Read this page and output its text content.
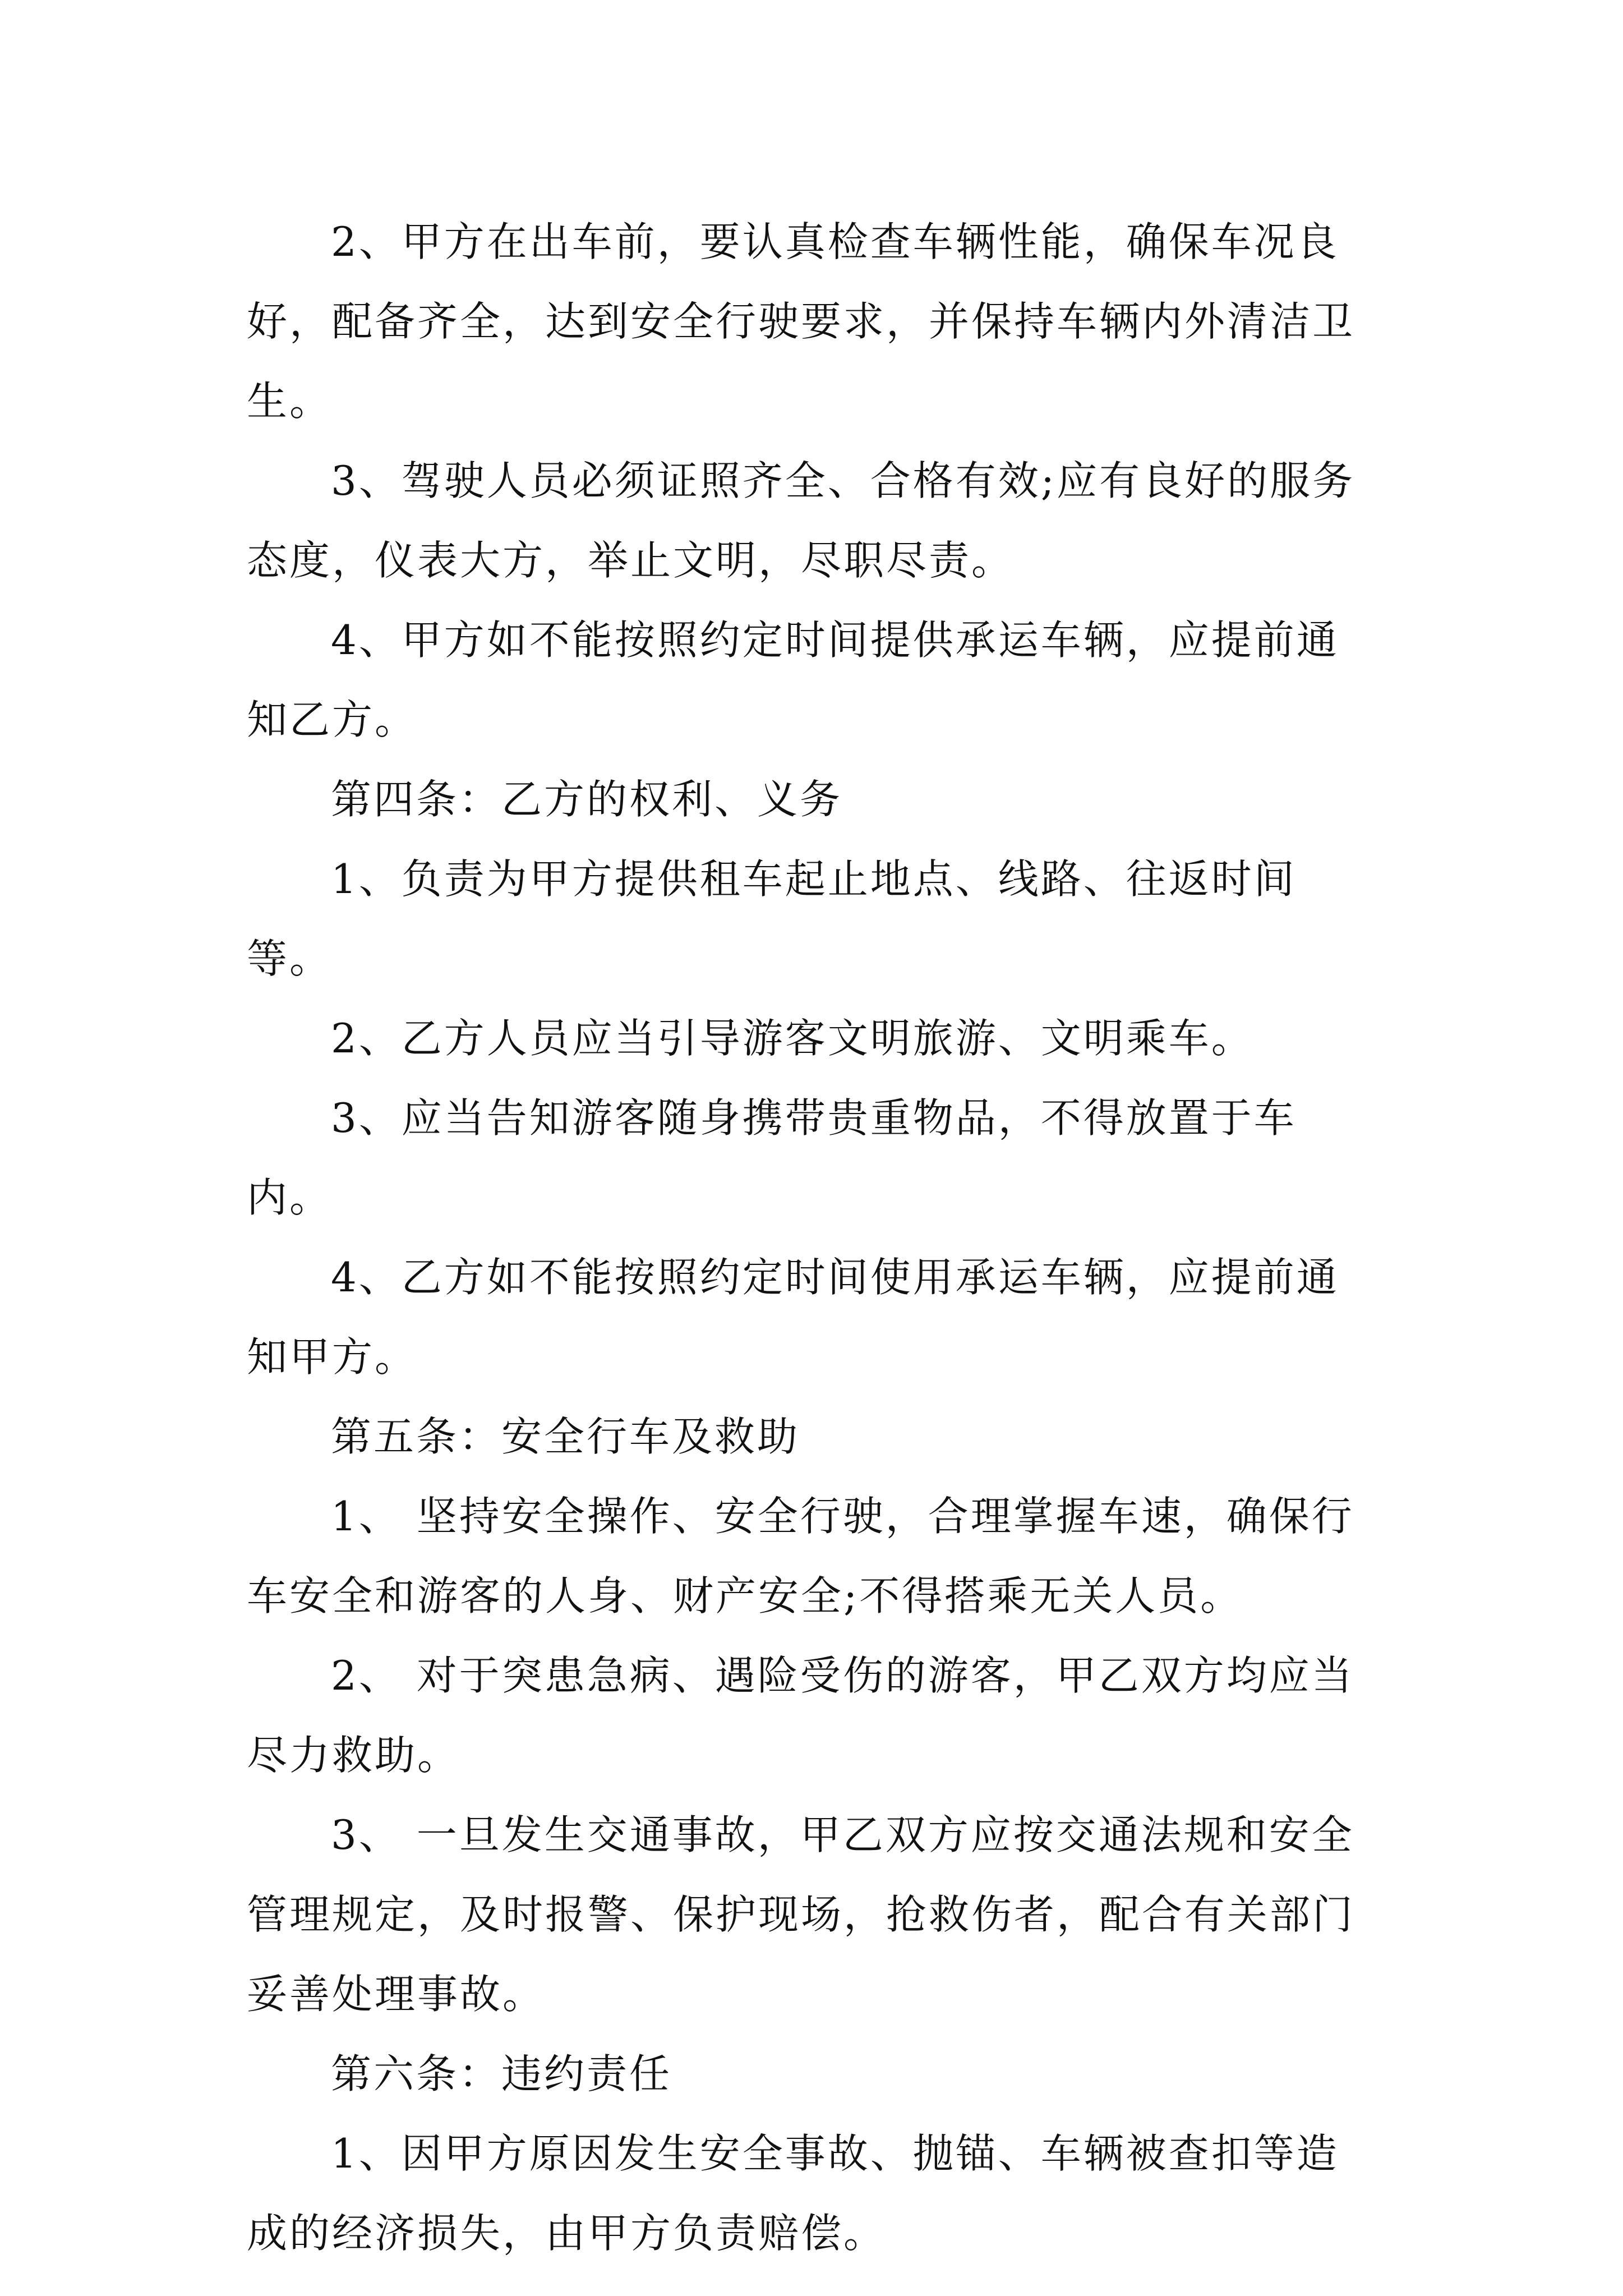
2、甲方在出车前，要认真检查车辆性能，确保车况良好，配备齐全，达到安全行驶要求，并保持车辆内外清洁卫生。

3、驾驶人员必须证照齐全、合格有效;应有良好的服务态度，仪表大方，举止文明，尽职尽责。

4、甲方如不能按照约定时间提供承运车辆，应提前通知乙方。

第四条：乙方的权利、义务

1、负责为甲方提供租车起止地点、线路、往返时间等。

2、乙方人员应当引导游客文明旅游、文明乘车。

3、应当告知游客随身携带贵重物品，不得放置于车内。

4、乙方如不能按照约定时间使用承运车辆，应提前通知甲方。

第五条：安全行车及救助

1、 坚持安全操作、安全行驶，合理掌握车速，确保行车安全和游客的人身、财产安全;不得搭乘无关人员。

2、 对于突患急病、遇险受伤的游客，甲乙双方均应当尽力救助。

3、 一旦发生交通事故，甲乙双方应按交通法规和安全管理规定，及时报警、保护现场，抢救伤者，配合有关部门妥善处理事故。

第六条：违约责任

1、因甲方原因发生安全事故、抛锚、车辆被查扣等造成的经济损失，由甲方负责赔偿。
